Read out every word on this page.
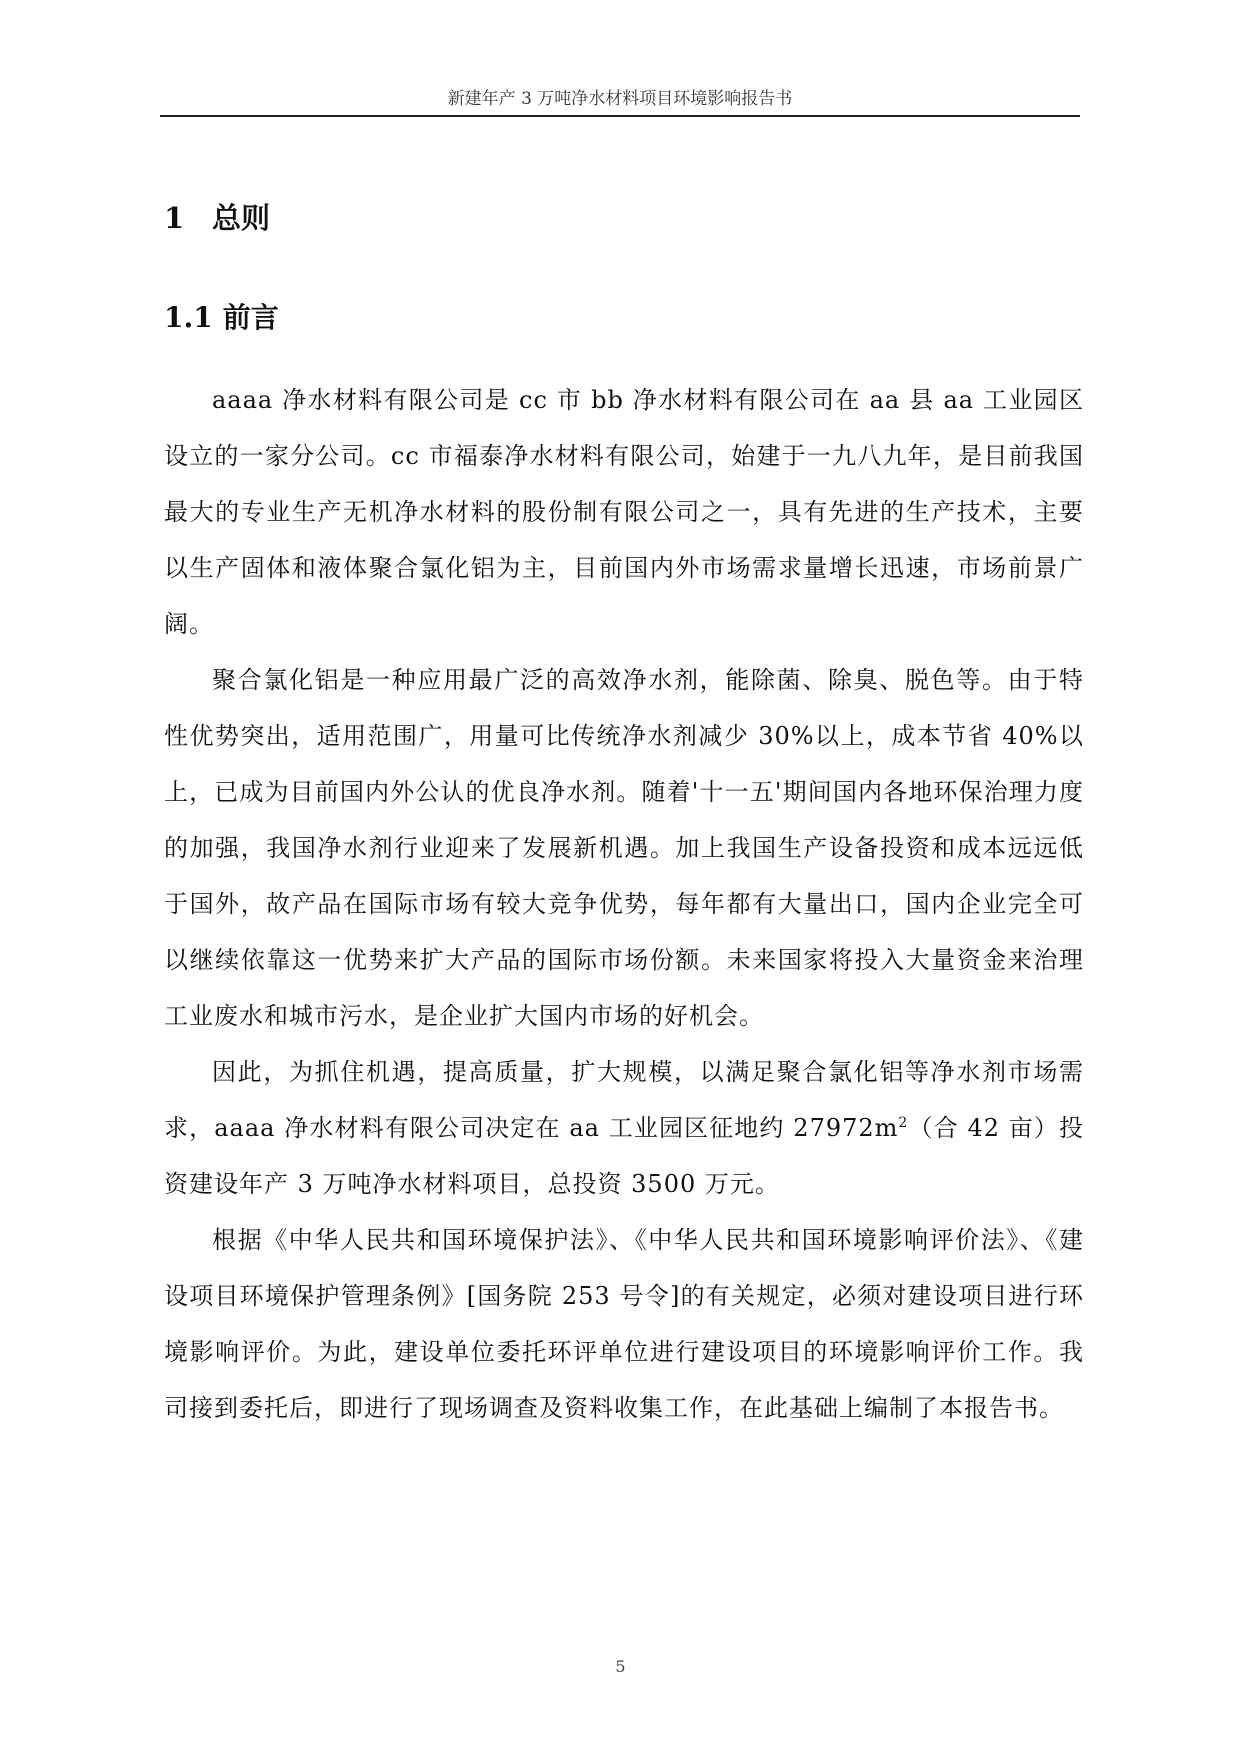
新建年产 3 万吨净水材料项目环境影响报告书
1 总则
1.1 前言

aaaa 净水材料有限公司是 cc 市 bb 净水材料有限公司在 aa 县 aa 工业园区设立的一家分公司。cc 市福泰净水材料有限公司，始建于一九八九年，是目前我国最大的专业生产无机净水材料的股份制有限公司之一，具有先进的生产技术，主要以生产固体和液体聚合氯化铝为主，目前国内外市场需求量增长迅速，市场前景广阔。

聚合氯化铝是一种应用最广泛的高效净水剂，能除菌、除臭、脱色等。由于特性优势突出，适用范围广，用量可比传统净水剂减少 30%以上，成本节省 40%以上，已成为目前国内外公认的优良净水剂。随着'十一五'期间国内各地环保治理力度的加强，我国净水剂行业迎来了发展新机遇。加上我国生产设备投资和成本远远低于国外，故产品在国际市场有较大竞争优势，每年都有大量出口，国内企业完全可以继续依靠这一优势来扩大产品的国际市场份额。未来国家将投入大量资金来治理工业废水和城市污水，是企业扩大国内市场的好机会。

因此，为抓住机遇，提高质量，扩大规模，以满足聚合氯化铝等净水剂市场需求，aaaa 净水材料有限公司决定在 aa 工业园区征地约 $27972m^2$（合 42 亩）投资建设年产 3 万吨净水材料项目，总投资 3500 万元。

根据《中华人民共和国环境保护法》、《中华人民共和国环境影响评价法》、《建设项目环境保护管理条例》[国务院 253 号令]的有关规定，必须对建设项目进行环境影响评价。为此，建设单位委托环评单位进行建设项目的环境影响评价工作。我司接到委托后，即进行了现场调查及资料收集工作，在此基础上编制了本报告书。

5
